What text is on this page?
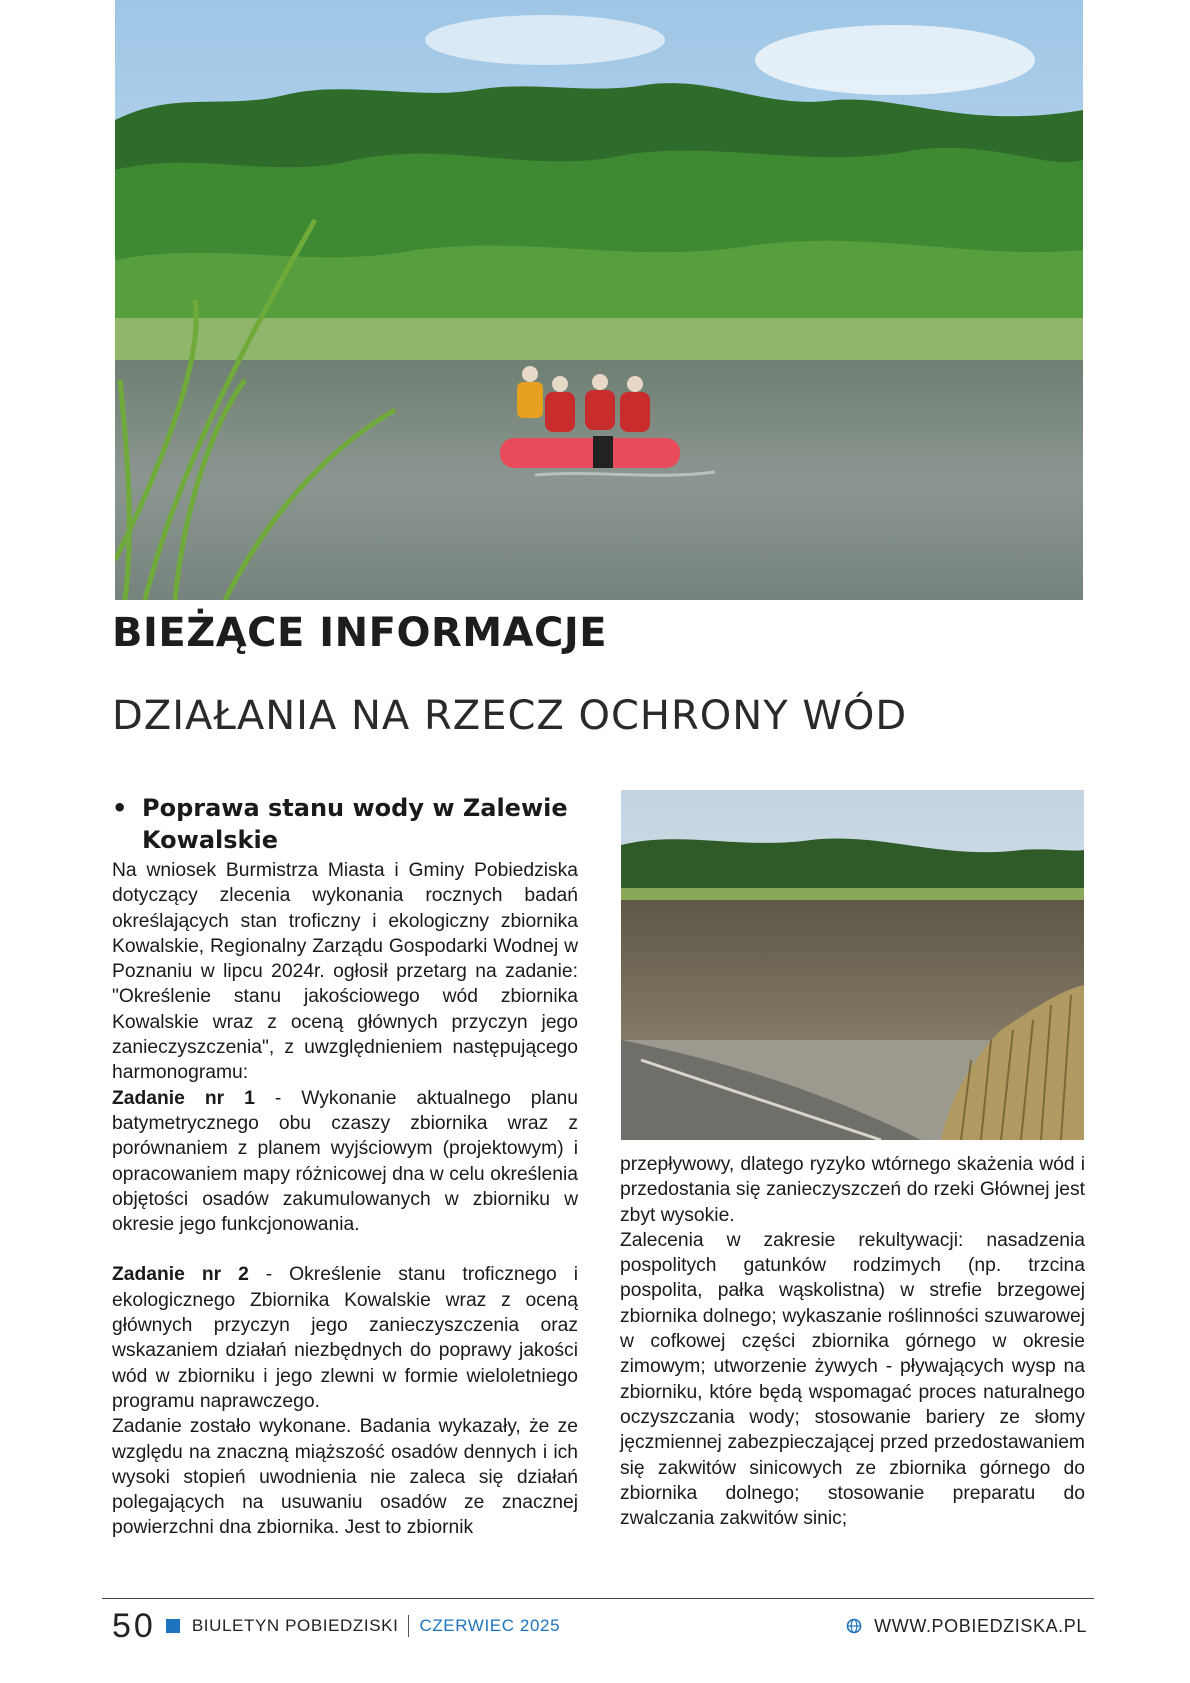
BIEŻĄCE INFORMACJE
DZIAŁANIA NA RZECZ OCHRONY WÓD
• Poprawa stanu wody w Zalewie Kowalskie

Na wniosek Burmistrza Miasta i Gminy Pobiedziska dotyczący zlecenia wykonania rocznych badań określających stan troficzny i ekologiczny zbiornika Kowalskie, Regionalny Zarządu Gospodarki Wodnej w Poznaniu w lipcu 2024r. ogłosił przetarg na zadanie: "Określenie stanu jakościowego wód zbiornika Kowalskie wraz z oceną głównych przyczyn jego zanieczyszczenia", z uwzględnieniem następującego harmonogramu:

Zadanie nr 1 - Wykonanie aktualnego planu batymetrycznego obu czaszy zbiornika wraz z porównaniem z planem wyjściowym (projektowym) i opracowaniem mapy różnicowej dna w celu określenia objętości osadów zakumulowanych w zbiorniku w okresie jego funkcjonowania.

Zadanie nr 2 - Określenie stanu troficznego i ekologicznego Zbiornika Kowalskie wraz z oceną głównych przyczyn jego zanieczyszczenia oraz wskazaniem działań niezbędnych do poprawy jakości wód w zbiorniku i jego zlewni w formie wieloletniego programu naprawczego.

Zadanie zostało wykonane. Badania wykazały, że ze względu na znaczną miąższość osadów dennych i ich wysoki stopień uwodnienia nie zaleca się działań polegających na usuwaniu osadów ze znacznej powierzchni dna zbiornika. Jest to zbiornik

przepływowy, dlatego ryzyko wtórnego skażenia wód i przedostania się zanieczyszczeń do rzeki Głównej jest zbyt wysokie.

Zalecenia w zakresie rekultywacji: nasadzenia pospolitych gatunków rodzimych (np. trzcina pospolita, pałka wąskolistna) w strefie brzegowej zbiornika dolnego; wykaszanie roślinności szuwarowej w cofkowej części zbiornika górnego w okresie zimowym; utworzenie żywych - pływających wysp na zbiorniku, które będą wspomagać proces naturalnego oczyszczania wody; stosowanie bariery ze słomy jęczmiennej zabezpieczającej przed przedostawaniem się zakwitów sinicowych ze zbiornika górnego do zbiornika dolnego; stosowanie preparatu do zwalczania zakwitów sinic;

50 BIULETYN POBIEDZISKI CZERWIEC 2025	WWW.POBIEDZISKA.PL
